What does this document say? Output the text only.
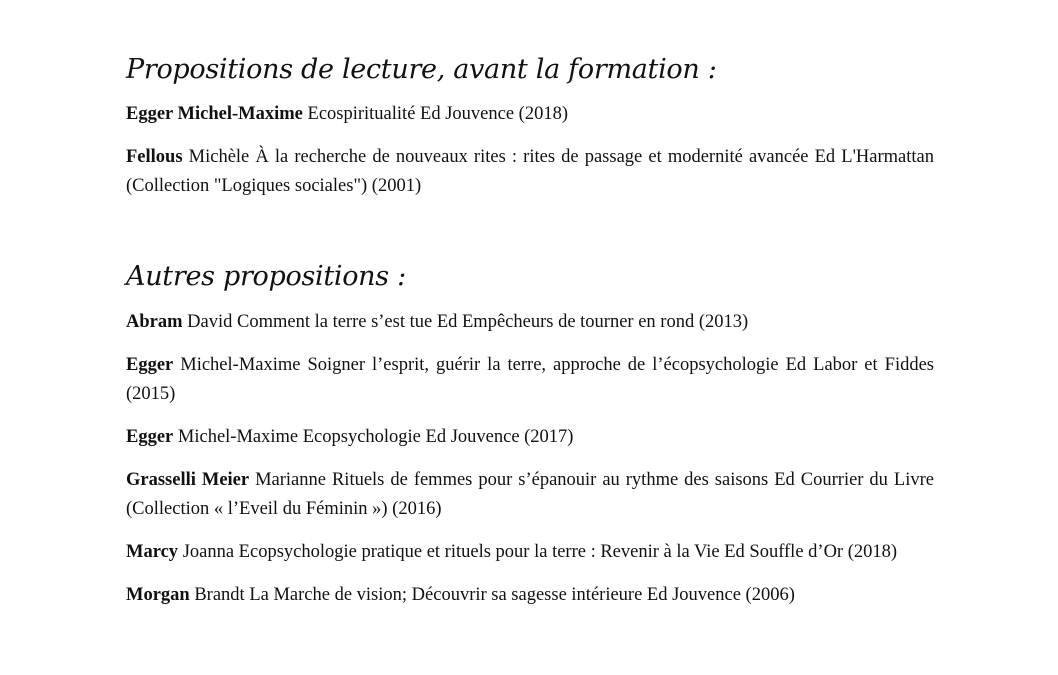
Propositions de lecture, avant la formation :

Egger Michel-Maxime Ecospiritualité Ed Jouvence (2018)

Fellous Michèle À la recherche de nouveaux rites : rites de passage et modernité avancée Ed L'Harmattan (Collection "Logiques sociales") (2001)

Autres propositions :

Abram David Comment la terre s’est tue Ed Empêcheurs de tourner en rond (2013)

Egger Michel-Maxime Soigner l’esprit, guérir la terre, approche de l’écopsychologie Ed Labor et Fiddes (2015)

Egger Michel-Maxime Ecopsychologie Ed Jouvence (2017)

Grasselli Meier Marianne Rituels de femmes pour s’épanouir au rythme des saisons Ed Courrier du Livre (Collection « l’Eveil du Féminin ») (2016)

Marcy Joanna Ecopsychologie pratique et rituels pour la terre : Revenir à la Vie Ed Souffle d’Or (2018)

Morgan Brandt La Marche de vision; Découvrir sa sagesse intérieure Ed Jouvence (2006)
